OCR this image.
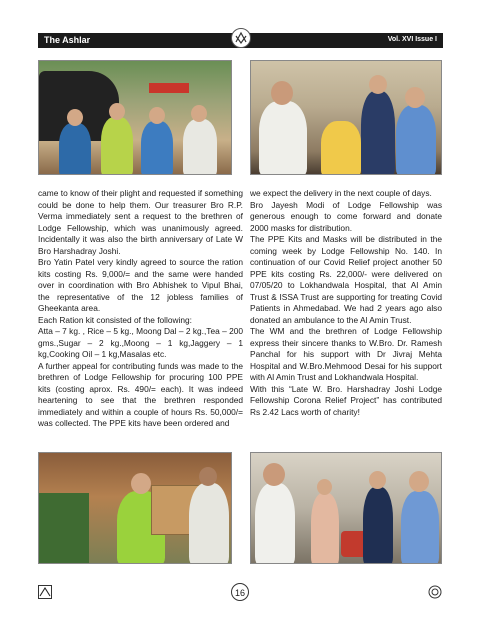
The Ashlar	Vol. XVI Issue I

came to know of their plight and requested if something could be done to help them. Our treasurer Bro R.P. Verma immediately sent a request to the brethren of Lodge Fellowship, which was unanimously agreed. Incidentally it was also the birth anniversary of Late W Bro Harshadray Joshi.

Bro Yatin Patel very kindly agreed to source the ration kits costing Rs. 9,000/= and the same were handed over in coordination with Bro Abhishek to Vipul Bhai, the representative of the 12 jobless families of Gheekanta area.

Each Ration kit consisted of the following:

Atta – 7 kg. , Rice – 5 kg., Moong Dal – 2 kg.,Tea – 200 gms.,Sugar – 2 kg.,Moong – 1 kg,Jaggery – 1 kg,Cooking Oil – 1 kg,Masalas etc.

A further appeal for contributing funds was made to the brethren of Lodge Fellowship for procuring 100 PPE kits (costing aprox. Rs. 490/= each). It was indeed heartening to see that the brethren responded immediately and within a couple of hours Rs. 50,000/= was collected. The PPE kits have been ordered and

we expect the delivery in the next couple of days.

Bro Jayesh Modi of Lodge Fellowship was generous enough to come forward and donate 2000 masks for distribution.

The PPE Kits and Masks will be distributed in the coming week by Lodge Fellowship No. 140. In continuation of our Covid Relief project another 50 PPE kits costing Rs. 22,000/- were delivered on 07/05/20 to Lokhandwala Hospital, that Al Amin Trust & ISSA Trust are supporting for treating Covid Patients in Ahmedabad. We had 2 years ago also donated an ambulance to the Al Amin Trust.

The WM and the brethren of Lodge Fellowship express their sincere thanks to W.Bro. Dr. Ramesh Panchal for his support with Dr Jivraj Mehta Hospital and W.Bro.Mehmood Desai for his support with Al Amin Trust and Lokhandwala Hospital.

With this “Late W. Bro. Harshadray Joshi Lodge Fellowship Corona Relief Project” has contributed Rs 2.42 Lacs worth of charity!

16
